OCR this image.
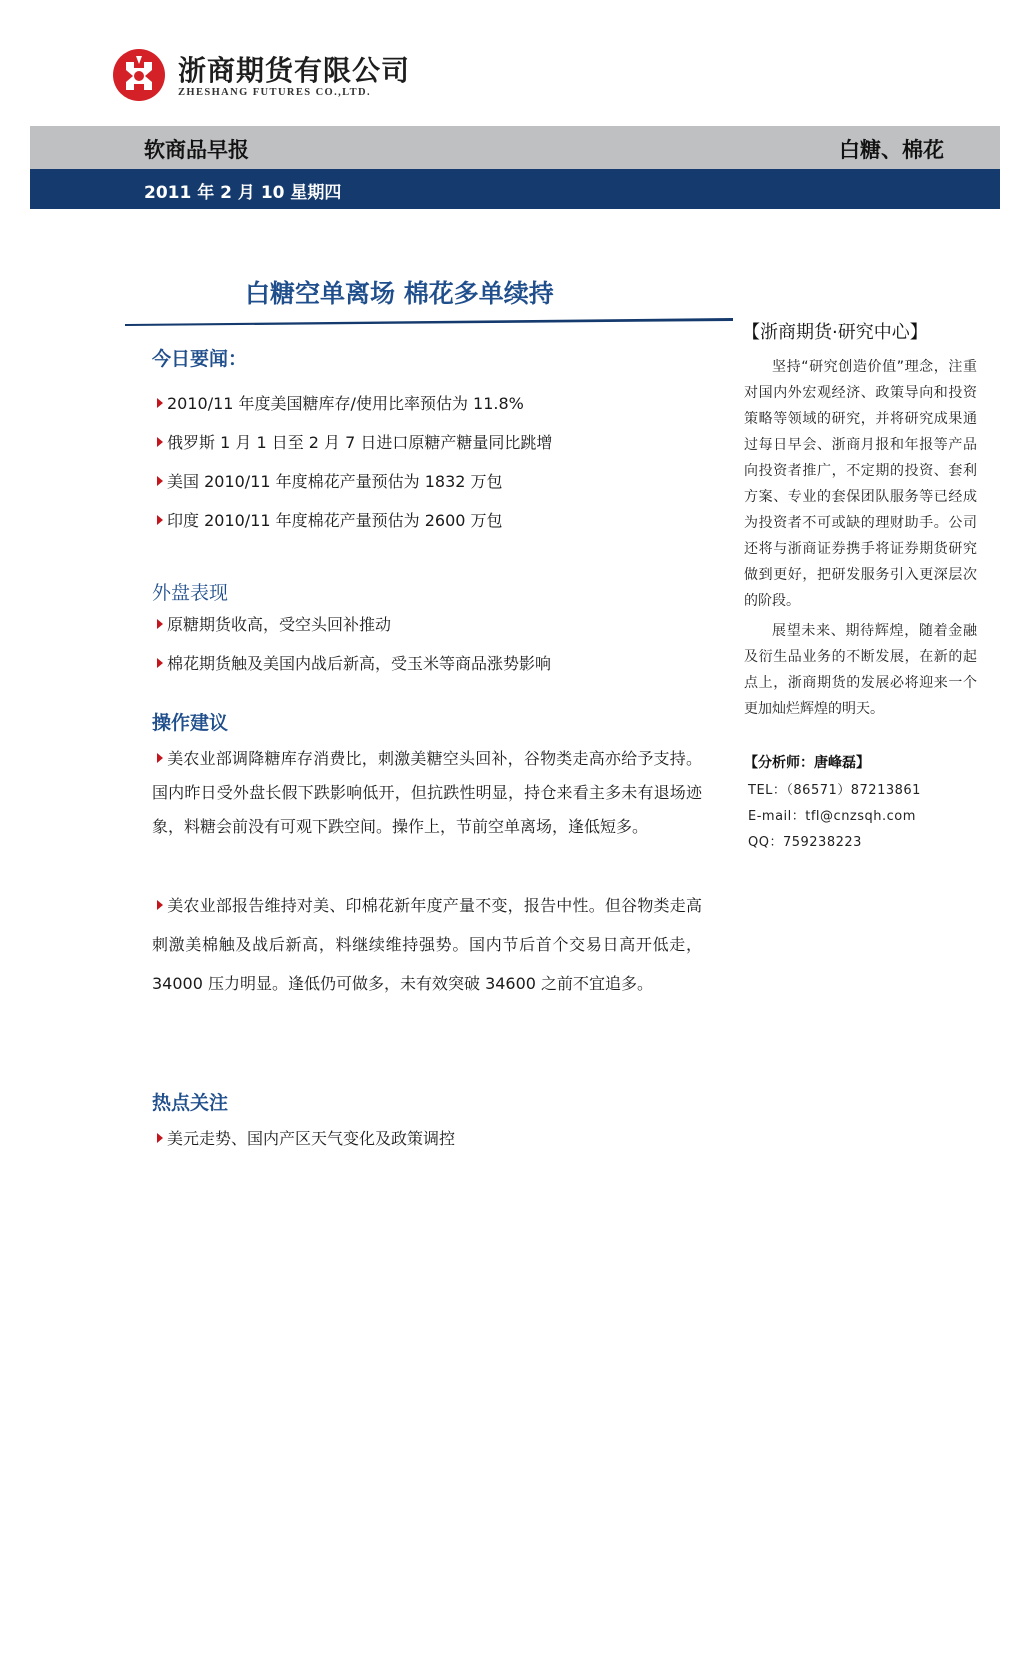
浙商期货有限公司
ZHESHANG FUTURES CO.,LTD.
软商品早报	白糖、棉花
2011 年 2 月 10 星期四
白糖空单离场 棉花多单续持
今日要闻：
2010/11 年度美国糖库存/使用比率预估为 11.8%
俄罗斯 1 月 1 日至 2 月 7 日进口原糖产糖量同比跳增
美国 2010/11 年度棉花产量预估为 1832 万包
印度 2010/11 年度棉花产量预估为 2600 万包
外盘表现
原糖期货收高，受空头回补推动
棉花期货触及美国内战后新高，受玉米等商品涨势影响
操作建议
美农业部调降糖库存消费比，刺激美糖空头回补，谷物类走高亦给予支持。国内昨日受外盘长假下跌影响低开，但抗跌性明显，持仓来看主多未有退场迹象，料糖会前没有可观下跌空间。操作上，节前空单离场，逢低短多。
美农业部报告维持对美、印棉花新年度产量不变，报告中性。但谷物类走高刺激美棉触及战后新高，料继续维持强势。国内节后首个交易日高开低走，34000 压力明显。逢低仍可做多，未有效突破 34600 之前不宜追多。
热点关注
美元走势、国内产区天气变化及政策调控
【浙商期货·研究中心】
坚持“研究创造价值”理念，注重对国内外宏观经济、政策导向和投资策略等领域的研究，并将研究成果通过每日早会、浙商月报和年报等产品向投资者推广，不定期的投资、套利方案、专业的套保团队服务等已经成为投资者不可或缺的理财助手。公司还将与浙商证券携手将证券期货研究做到更好，把研发服务引入更深层次的阶段。
展望未来、期待辉煌，随着金融及衍生品业务的不断发展，在新的起点上，浙商期货的发展必将迎来一个更加灿烂辉煌的明天。
【分析师：唐峰磊】
TEL：（86571）87213861
E-mail：tfl@cnzsqh.com
QQ：759238223
